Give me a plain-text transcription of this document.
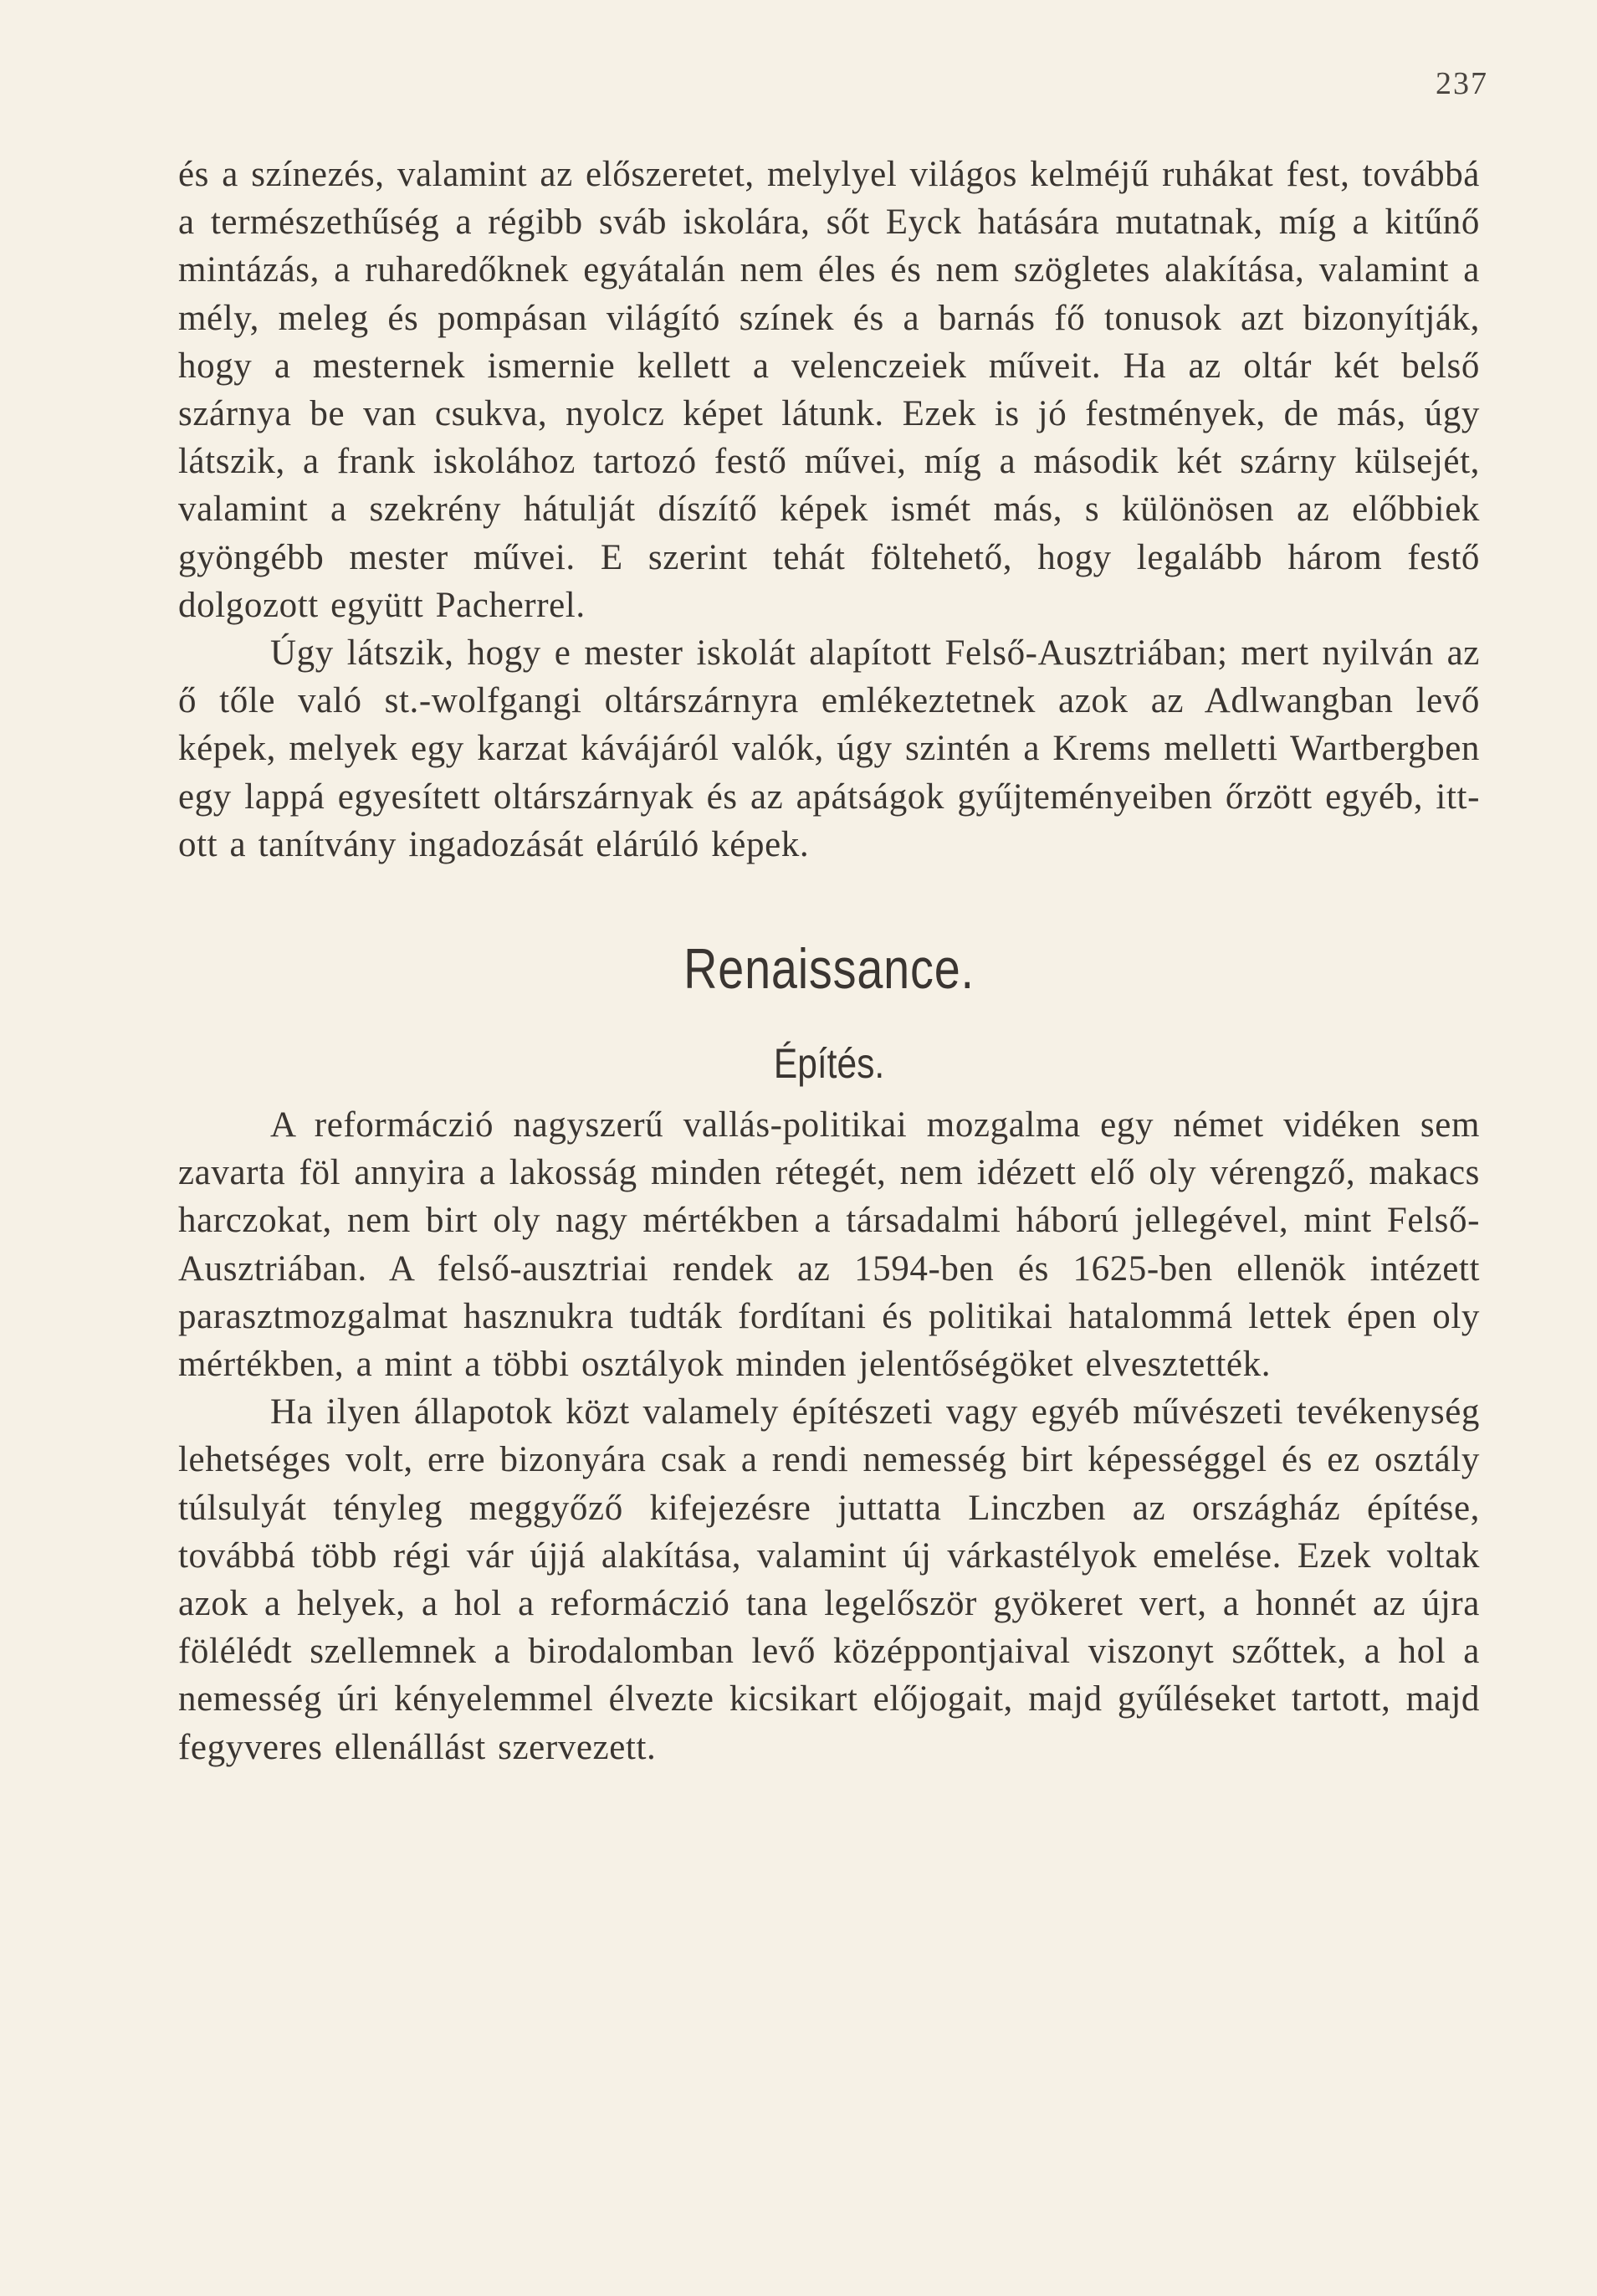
237

és a színezés, valamint az előszeretet, melylyel világos kelméjű ruhákat fest, továbbá a természethűség a régibb sváb iskolára, sőt Eyck hatására mutatnak, míg a kitűnő mintázás, a ruharedőknek egyátalán nem éles és nem szögletes alakítása, valamint a mély, meleg és pompásan világító színek és a barnás fő tonusok azt bizonyítják, hogy a mesternek ismernie kellett a velenczeiek műveit. Ha az oltár két belső szárnya be van csukva, nyolcz képet látunk. Ezek is jó festmények, de más, úgy látszik, a frank iskolához tartozó festő művei, míg a második két szárny külsejét, valamint a szekrény hátulját díszítő képek ismét más, s különösen az előbbiek gyöngébb mester művei. E szerint tehát föltehető, hogy legalább három festő dolgozott együtt Pacherrel.

Úgy látszik, hogy e mester iskolát alapított Felső-Ausztriában; mert nyilván az ő tőle való st.-wolfgangi oltárszárnyra emlékeztetnek azok az Adlwangban levő képek, melyek egy karzat kávájáról valók, úgy szintén a Krems melletti Wartbergben egy lappá egyesített oltárszárnyak és az apátságok gyűjteményeiben őrzött egyéb, itt-ott a tanítvány ingadozását elárúló képek.

Renaissance.
Építés.

A reformáczió nagyszerű vallás-politikai mozgalma egy német vidéken sem zavarta föl annyira a lakosság minden rétegét, nem idézett elő oly vérengző, makacs harczokat, nem birt oly nagy mértékben a társadalmi háború jellegével, mint Felső-Ausztriában. A felső-ausztriai rendek az 1594-ben és 1625-ben ellenök intézett parasztmozgalmat hasznukra tudták fordítani és politikai hatalommá lettek épen oly mértékben, a mint a többi osztályok minden jelentőségöket elvesztették.

Ha ilyen állapotok közt valamely építészeti vagy egyéb művészeti tevékenység lehetséges volt, erre bizonyára csak a rendi nemesség birt képességgel és ez osztály túlsulyát tényleg meggyőző kifejezésre juttatta Linczben az országház építése, továbbá több régi vár újjá alakítása, valamint új várkastélyok emelése. Ezek voltak azok a helyek, a hol a reformáczió tana legelőször gyökeret vert, a honnét az újra fölélédt szellemnek a birodalomban levő középpontjaival viszonyt szőttek, a hol a nemesség úri kényelemmel élvezte kicsikart előjogait, majd gyűléseket tartott, majd fegyveres ellenállást szervezett.
